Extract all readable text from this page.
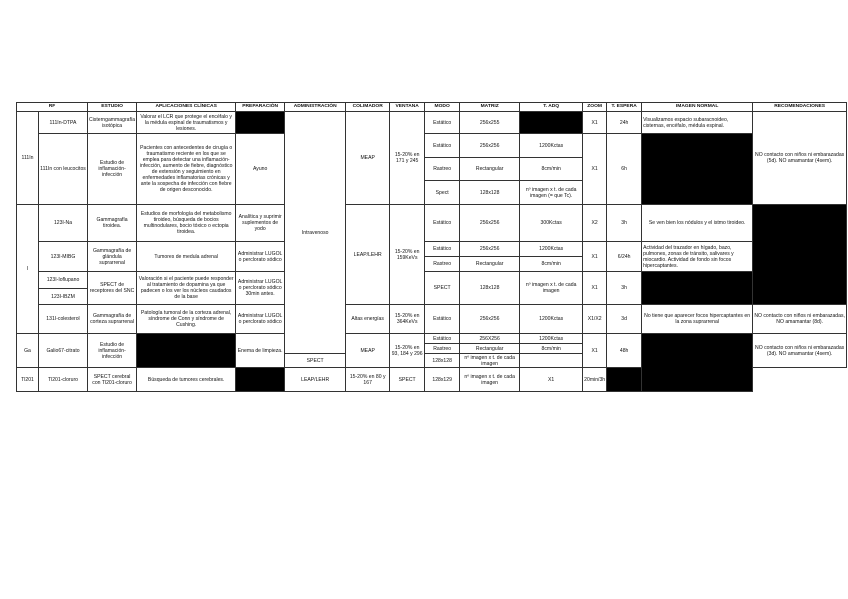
RF		ESTUDIO	APLICACIONES CLÍNICAS	PREPARACIÓN	ADMINISTRACIÓN	COLIMADOR	VENTANA	MODO	MATRIZ	T. ADQ	ZOOM	T. ESPERA	IMAGEN NORMAL	RECOMENDACIONES
111In	111In-DTPA	Cisterngammagrafía isotópica	Valorar el LCR que protege el encéfalo y la médula espinal de traumatismos y lesiones.		Intravenoso	MEAP	15-20% en 171 y 245	Estático	256x255		X1	24h	Visualizamos espacio subaracnoideo, cisternas, encéfalo, médula espinal.	NO contacto con niños ni embarazadas (5d). NO amamantar (4sem).
	111In con leucocitos	Estudio de inflamación-infección	Pacientes con antecedentes de cirugía o traumatismo reciente en los que se emplea para detectar una inflamación-infección, aumento de fiebre, diagnóstico de extensión y seguimiento en enfermedades inflamatorias crónicas y ante la sospecha de infección con fiebre de origen desconocido.	Ayuno				Estático	256x256	1200Kctas	X1	6h		
								Rastreo	Rectangular	8cm/min				
								Spect	128x128	nº imagen x t. de cada imagen (= que Tc).				

I	123I-Na	Gammagrafía tiroidea.	Estudios de morfología del metabolismo tiroideo, búsqueda de bocios multinodulares, bocio tóxico o ectopia tiroidea.	Analítica y suprimir suplementos de yodo		LEAP/LEHR	15-20% en 159KeVs	Estático	256x256	300Kctas	X2	3h	Se ven bien los nódulos y el istmo tiroideo.	
	123I-MIBG	Gammagrafía de glándula suprarrenal	Tumores de medula adrenal	Administrar LUGOL o perclorato sódico				Estático	256x256	1200Kctas	X1	6/24h	Actividad del trazador en hígado, bazo, pulmones, zonas de tránsito, salivares y miocardio. Actividad de fondo sin focos hipercaptantes.	
								Rastreo	Rectangular	8cm/min				
	123I-Ioflupano	SPECT de receptores del SNC	Valoración si el paciente puede responder al tratamiento de dopamina ya que padecen o los ver los núcleos caudados de la base	Administrar LUGOL o perclorato sódico 30min antes.				SPECT	128x128	nº imagen x t. de cada imagen	X1	3h		
	123I-IBZM													
	131I-colesterol	Gammagrafía de corteza suprarrenal	Patología tumoral de la corteza adrenal, síndrome de Conn y síndrome de Cushing.	Administrar LUGOL o perclorato sódico		Altas energías	15-20% en 364KeVs	Estático	256x256	1200Kctas	X1/X2	3d	No tiene que aparecer focos hipercaptantes en la zona suprarrenal	NO contacto con niños ni embarazadas, NO amamantar (8d).
Ga	Galio67-citrato	Estudio de inflamación-infección		Enema de limpieza.		MEAP	15-20% en 93, 184 y 296	Estático	256X256	1200Kctas	X1	48h		NO contacto con niños ni embarazadas (3d). NO amamantar (4sem).
								Rastreo	Rectangular	8cm/min				
					SPECT			128x128	nº imagen x t. de cada imagen					
Tl201	Tl201-cloruro	SPECT cerebral con Tl201-cloruro	Búsqueda de tumores cerebrales.		LEAP/LEHR	15-20% en 80 y 167	SPECT	128x129	nº imagen x t. de cada imagen	X1	20min/3h			
